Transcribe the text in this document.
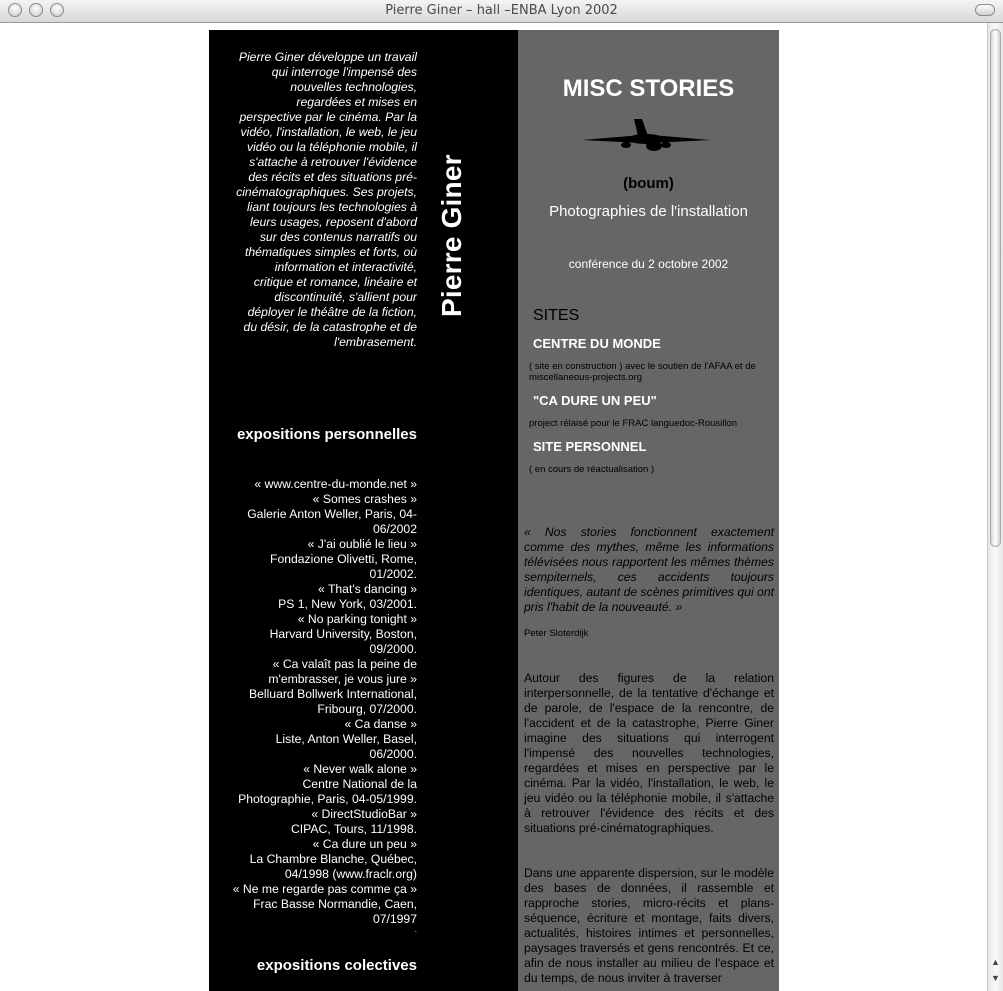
Pierre Giner – hall –ENBA Lyon 2002
Pierre Giner développe un travail qui interroge l'impensé des nouvelles technologies, regardées et mises en perspective par le cinéma. Par la vidéo, l'installation, le web, le jeu vidéo ou la téléphonie mobile, il s'attache à retrouver l'évidence des récits et des situations pré-cinématographiques. Ses projets, liant toujours les technologies à leurs usages, reposent d'abord sur des contenus narratifs ou thématiques simples et forts, où information et interactivité, critique et romance, linéaire et discontinuité, s'allient pour déployer le théâtre de la fiction, du désir, de la catastrophe et de l'embrasement.
expositions personnelles
« www.centre-du-monde.net »
« Somes crashes »
Galerie Anton Weller, Paris, 04-06/2002
« J'ai oublié le lieu »
Fondazione Olivetti, Rome, 01/2002.
« That's dancing »
PS 1, New York, 03/2001.
« No parking tonight »
Harvard University, Boston, 09/2000.
« Ca valaît pas la peine de m'embrasser, je vous jure »
Belluard Bollwerk International, Fribourg, 07/2000.
« Ca danse »
Liste, Anton Weller, Basel, 06/2000.
« Never walk alone »
Centre National de la Photographie, Paris, 04-05/1999.
« DirectStudioBar »
CIPAC, Tours, 11/1998.
« Ca dure un peu »
La Chambre Blanche, Québec, 04/1998 (www.fraclr.org)
« Ne me regarde pas comme ça » Frac Basse Normandie, Caen, 07/1997
.
expositions colectives
Pierre Giner
MISC STORIES
(boum)
Photographies de l'installation
conférence du 2 octobre 2002
SITES
CENTRE DU MONDE
( site en construction ) avec le soutien de l'AFAA et de miscellaneous-projects.org
"CA DURE UN PEU"
project rélaisé pour le FRAC languedoc-Rousillon
SITE PERSONNEL
( en cours de réactualisation )
« Nos stories fonctionnent exactement comme des mythes, même les informations télévisées nous rapportent les mêmes thèmes sempiternels, ces accidents toujours identiques, autant de scènes primitives qui ont pris l'habit de la nouveauté. »
Peter Sloterdijk
Autour des figures de la relation interpersonnelle, de la tentative d'échange et de parole, de l'espace de la rencontre, de l'accident et de la catastrophe, Pierre Giner imagine des situations qui interrogent l'impensé des nouvelles technologies, regardées et mises en perspective par le cinéma. Par la vidéo, l'installation, le web, le jeu vidéo ou la téléphonie mobile, il s'attache à retrouver l'évidence des récits et des situations pré-cinématographiques.
Dans une apparente dispersion, sur le modèle des bases de données, il rassemble et rapproche stories, micro-récits et plans-séquence, écriture et montage, faits divers, actualités, histoires intimes et personnelles, paysages traversés et gens rencontrés. Et ce, afin de nous installer au milieu de l'espace et du temps, de nous inviter à traverser
▲
▼
